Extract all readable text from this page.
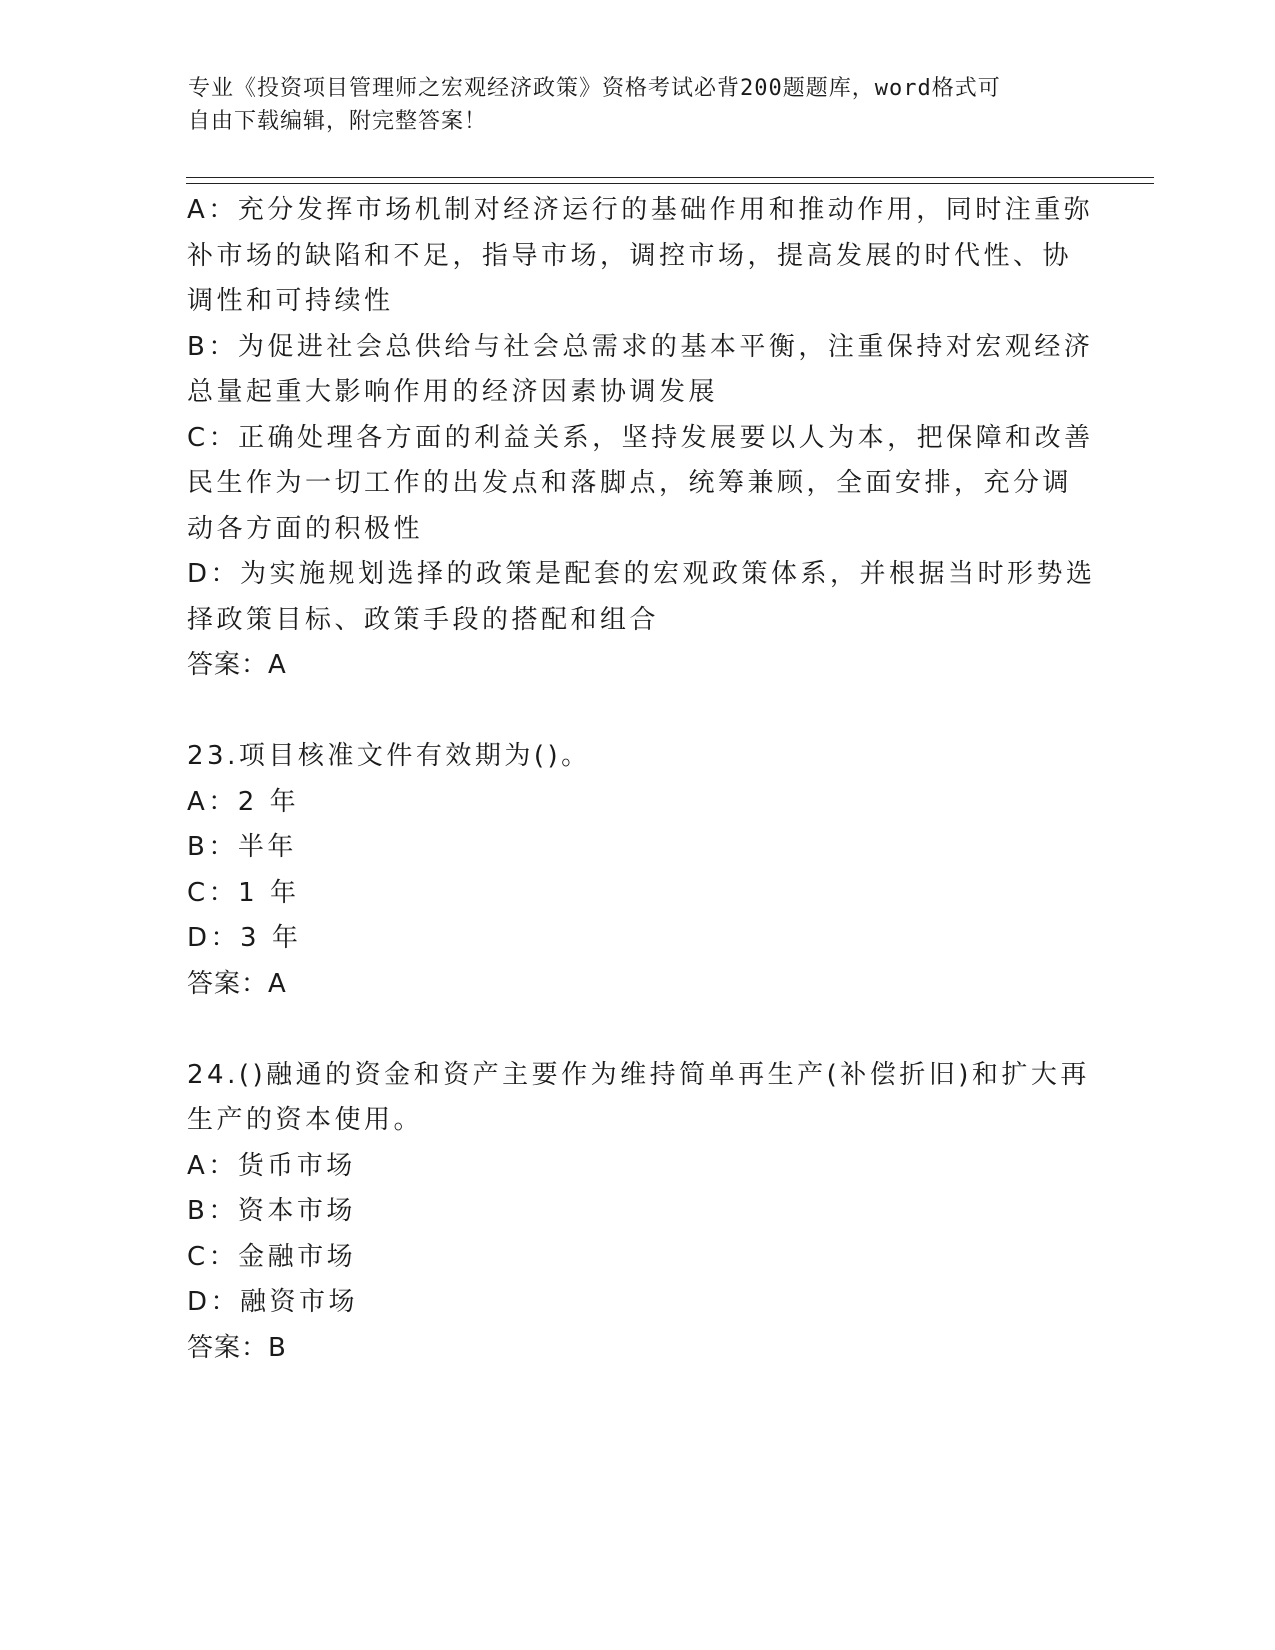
专业《投资项目管理师之宏观经济政策》资格考试必背200题题库，word格式可
自由下载编辑，附完整答案！
A：充分发挥市场机制对经济运行的基础作用和推动作用，同时注重弥
补市场的缺陷和不足，指导市场，调控市场，提高发展的时代性、协
调性和可持续性
B：为促进社会总供给与社会总需求的基本平衡，注重保持对宏观经济
总量起重大影响作用的经济因素协调发展
C：正确处理各方面的利益关系，坚持发展要以人为本，把保障和改善
民生作为一切工作的出发点和落脚点，统筹兼顾，全面安排，充分调
动各方面的积极性
D：为实施规划选择的政策是配套的宏观政策体系，并根据当时形势选
择政策目标、政策手段的搭配和组合
答案：A
23.项目核准文件有效期为()。
A：2 年
B：半年
C：1 年
D：3 年
答案：A
24.()融通的资金和资产主要作为维持简单再生产(补偿折旧)和扩大再
生产的资本使用。
A：货币市场
B：资本市场
C：金融市场
D：融资市场
答案：B
